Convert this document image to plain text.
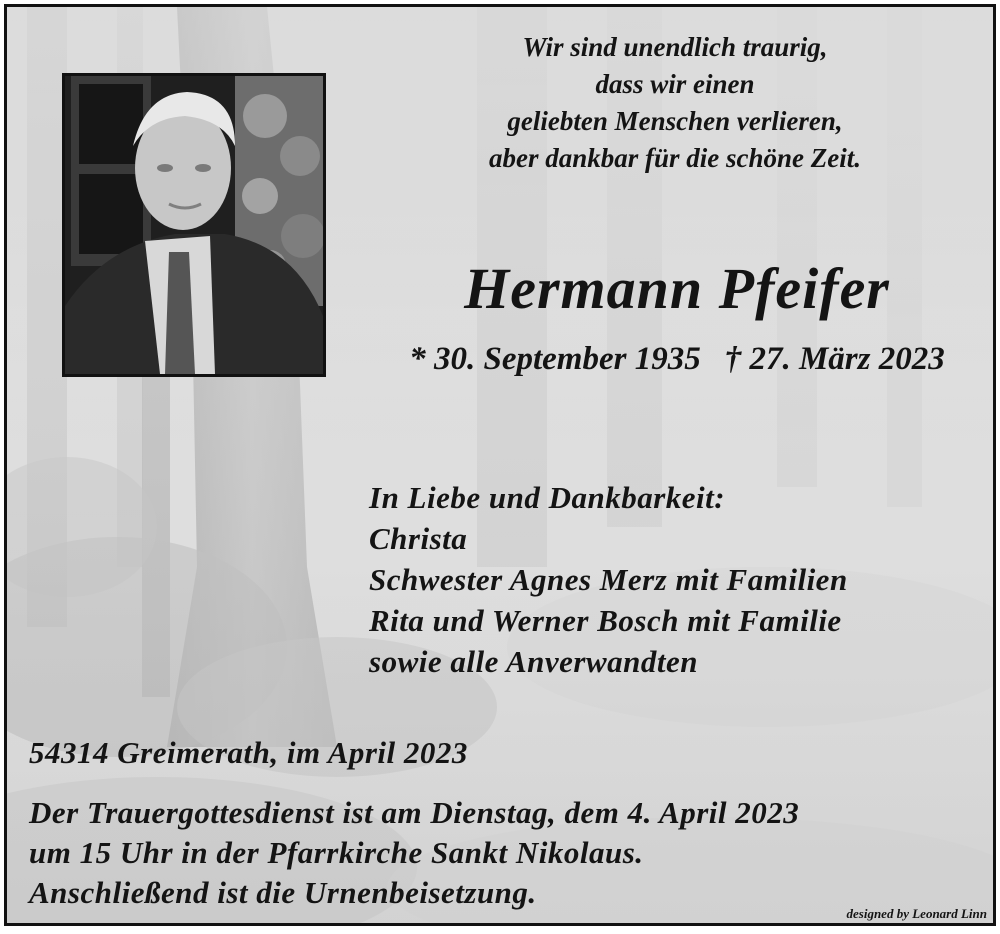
Wir sind unendlich traurig,
dass wir einen
geliebten Menschen verlieren,
aber dankbar für die schöne Zeit.
Hermann Pfeifer
* 30. September 1935 † 27. März 2023
In Liebe und Dankbarkeit:
Christa
Schwester Agnes Merz mit Familien
Rita und Werner Bosch mit Familie
sowie alle Anverwandten
54314 Greimerath, im April 2023
Der Trauergottesdienst ist am Dienstag, dem 4. April 2023
um 15 Uhr in der Pfarrkirche Sankt Nikolaus.
Anschließend ist die Urnenbeisetzung.
designed by Leonard Linn
